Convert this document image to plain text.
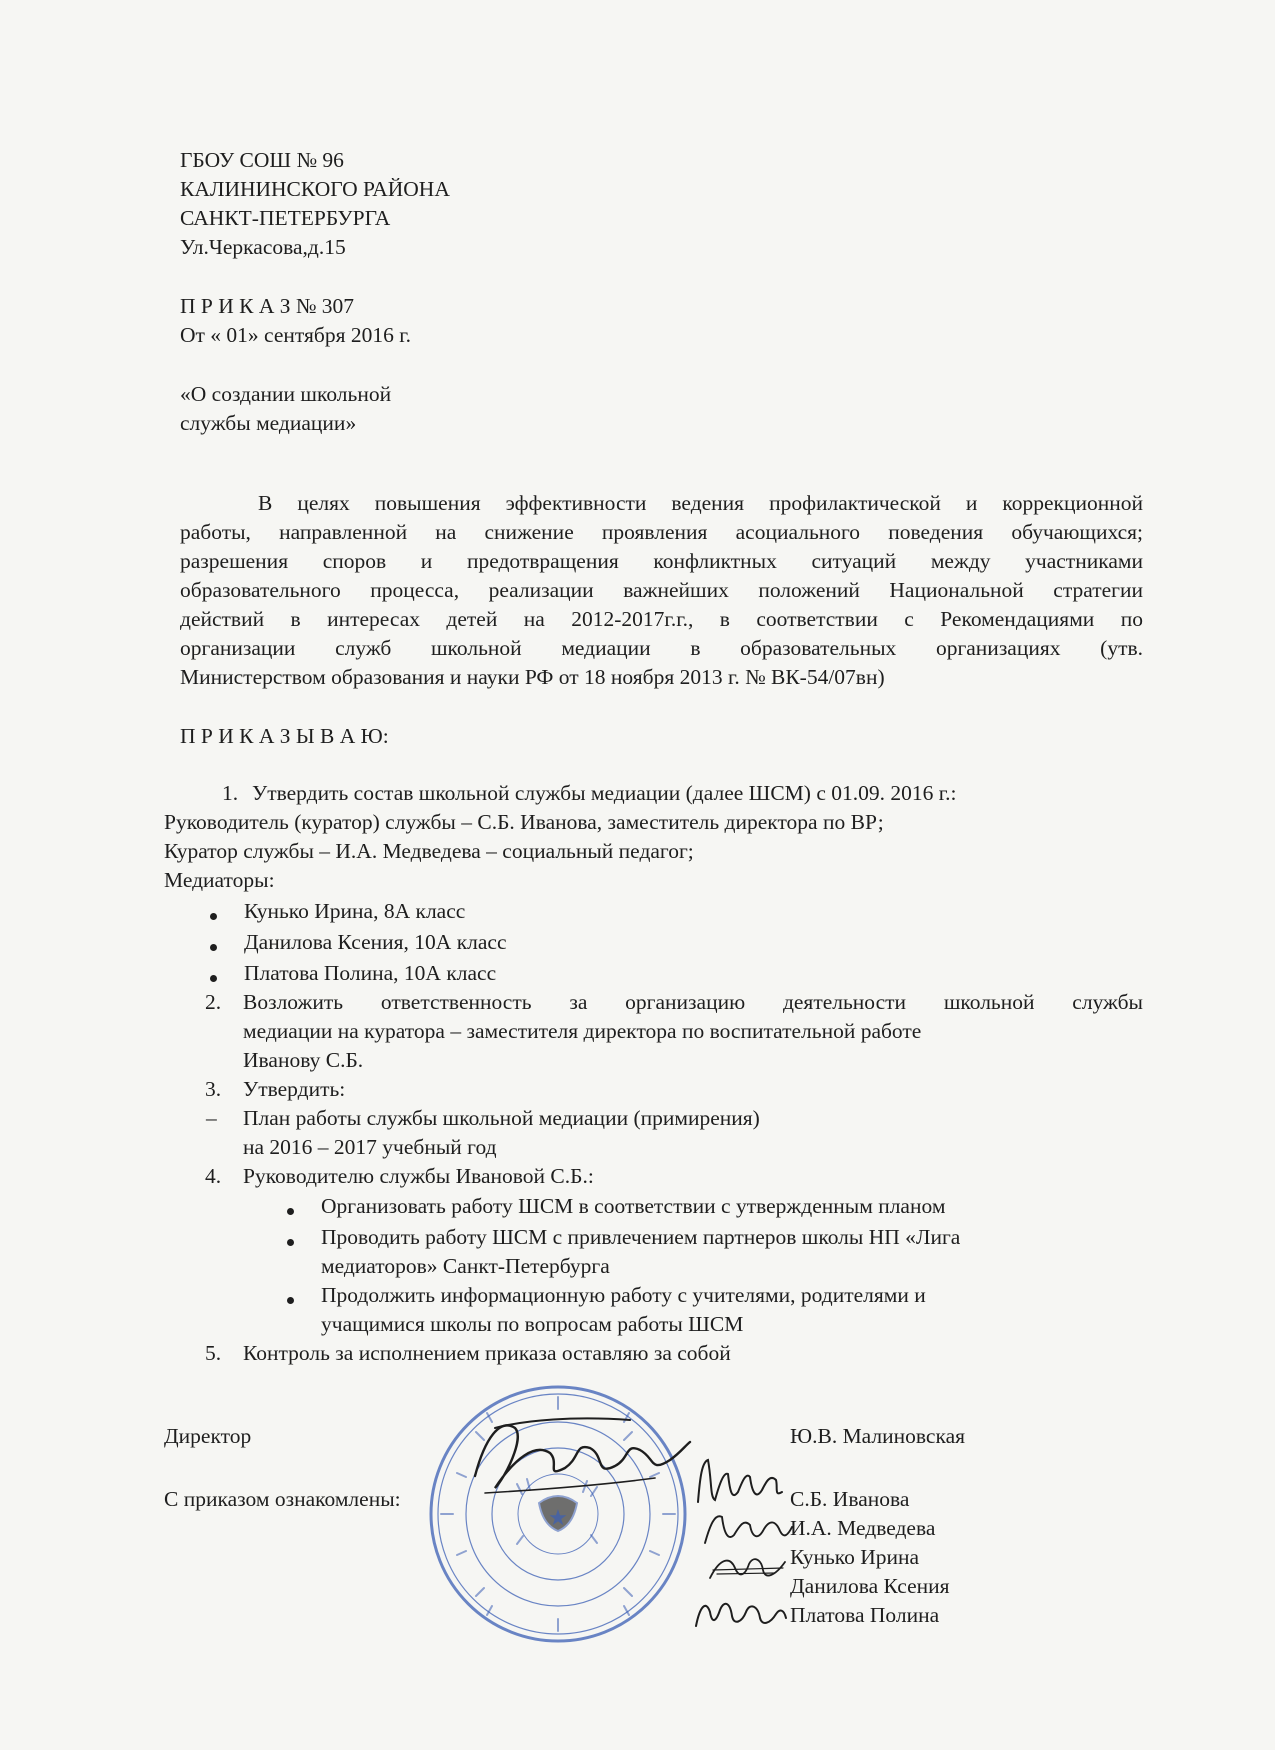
ГБОУ СОШ № 96

КАЛИНИНСКОГО РАЙОНА

САНКТ-ПЕТЕРБУРГА

Ул.Черкасова,д.15

П Р И К А З № 307

От « 01» сентября 2016 г.

«О создании школьной

службы медиации»

В целях повышения эффективности ведения профилактической и коррекционной
работы, направленной на снижение проявления асоциального поведения обучающихся;
разрешения споров и предотвращения конфликтных ситуаций между участниками
образовательного процесса, реализации важнейших положений Национальной стратегии
действий в интересах детей на 2012-2017г.г., в соответствии с Рекомендациями по
организации служб школьной медиации в образовательных организациях (утв.
Министерством образования и науки РФ от 18 ноября 2013 г. № ВК-54/07вн)

П Р И К А З Ы В А Ю:

1. Утвердить состав школьной службы медиации (далее ШСМ) с 01.09. 2016 г.:

Руководитель (куратор) службы – С.Б. Иванова, заместитель директора по ВР;

Куратор службы – И.А. Медведева – социальный педагог;

Медиаторы:

Кунько Ирина, 8А класс

Данилова Ксения, 10А класс

Платова Полина, 10А класс

2. Возложить ответственность за организацию деятельности школьной службы
медиации на куратора – заместителя директора по воспитательной работе
Иванову С.Б.
3. Утвердить:

– План работы службы школьной медиации (примирения)

на 2016 – 2017 учебный год

4. Руководителю службы Ивановой С.Б.:

Организовать работу ШСМ в соответствии с утвержденным планом

Проводить работу ШСМ с привлечением партнеров школы НП «Лига

медиаторов» Санкт-Петербурга

Продолжить информационную работу с учителями, родителями и

учащимися школы по вопросам работы ШСМ

5. Контроль за исполнением приказа оставляю за собой

Директор	Ю.В. Малиновская

С приказом ознакомлены:	С.Б. Иванова

И.А. Медведева

Кунько Ирина

Данилова Ксения

Платова Полина

★
